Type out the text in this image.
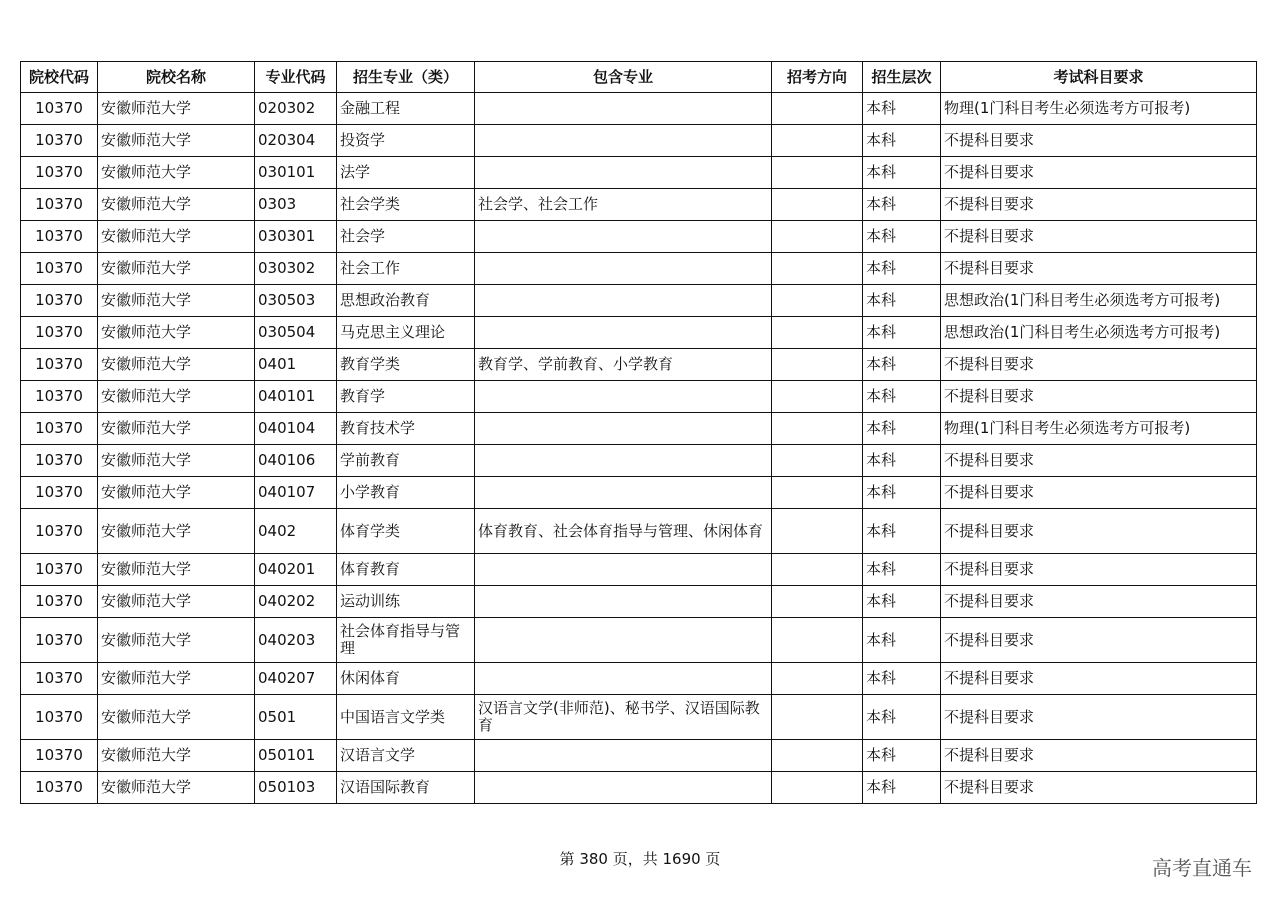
院校代码	院校名称	专业代码	招生专业（类）	包含专业	招考方向	招生层次	考试科目要求
10370	安徽师范大学	020302	金融工程			本科	物理(1门科目考生必须选考方可报考)
10370	安徽师范大学	020304	投资学			本科	不提科目要求
10370	安徽师范大学	030101	法学			本科	不提科目要求
10370	安徽师范大学	0303	社会学类	社会学、社会工作		本科	不提科目要求
10370	安徽师范大学	030301	社会学			本科	不提科目要求
10370	安徽师范大学	030302	社会工作			本科	不提科目要求
10370	安徽师范大学	030503	思想政治教育			本科	思想政治(1门科目考生必须选考方可报考)
10370	安徽师范大学	030504	马克思主义理论			本科	思想政治(1门科目考生必须选考方可报考)
10370	安徽师范大学	0401	教育学类	教育学、学前教育、小学教育		本科	不提科目要求
10370	安徽师范大学	040101	教育学			本科	不提科目要求
10370	安徽师范大学	040104	教育技术学			本科	物理(1门科目考生必须选考方可报考)
10370	安徽师范大学	040106	学前教育			本科	不提科目要求
10370	安徽师范大学	040107	小学教育			本科	不提科目要求
10370	安徽师范大学	0402	体育学类	体育教育、社会体育指导与管理、休闲体育		本科	不提科目要求
10370	安徽师范大学	040201	体育教育			本科	不提科目要求
10370	安徽师范大学	040202	运动训练			本科	不提科目要求
10370	安徽师范大学	040203	社会体育指导与管理			本科	不提科目要求
10370	安徽师范大学	040207	休闲体育			本科	不提科目要求
10370	安徽师范大学	0501	中国语言文学类	汉语言文学(非师范)、秘书学、汉语国际教育		本科	不提科目要求
10370	安徽师范大学	050101	汉语言文学			本科	不提科目要求
10370	安徽师范大学	050103	汉语国际教育			本科	不提科目要求
第 380 页，共 1690 页	高考直通车
